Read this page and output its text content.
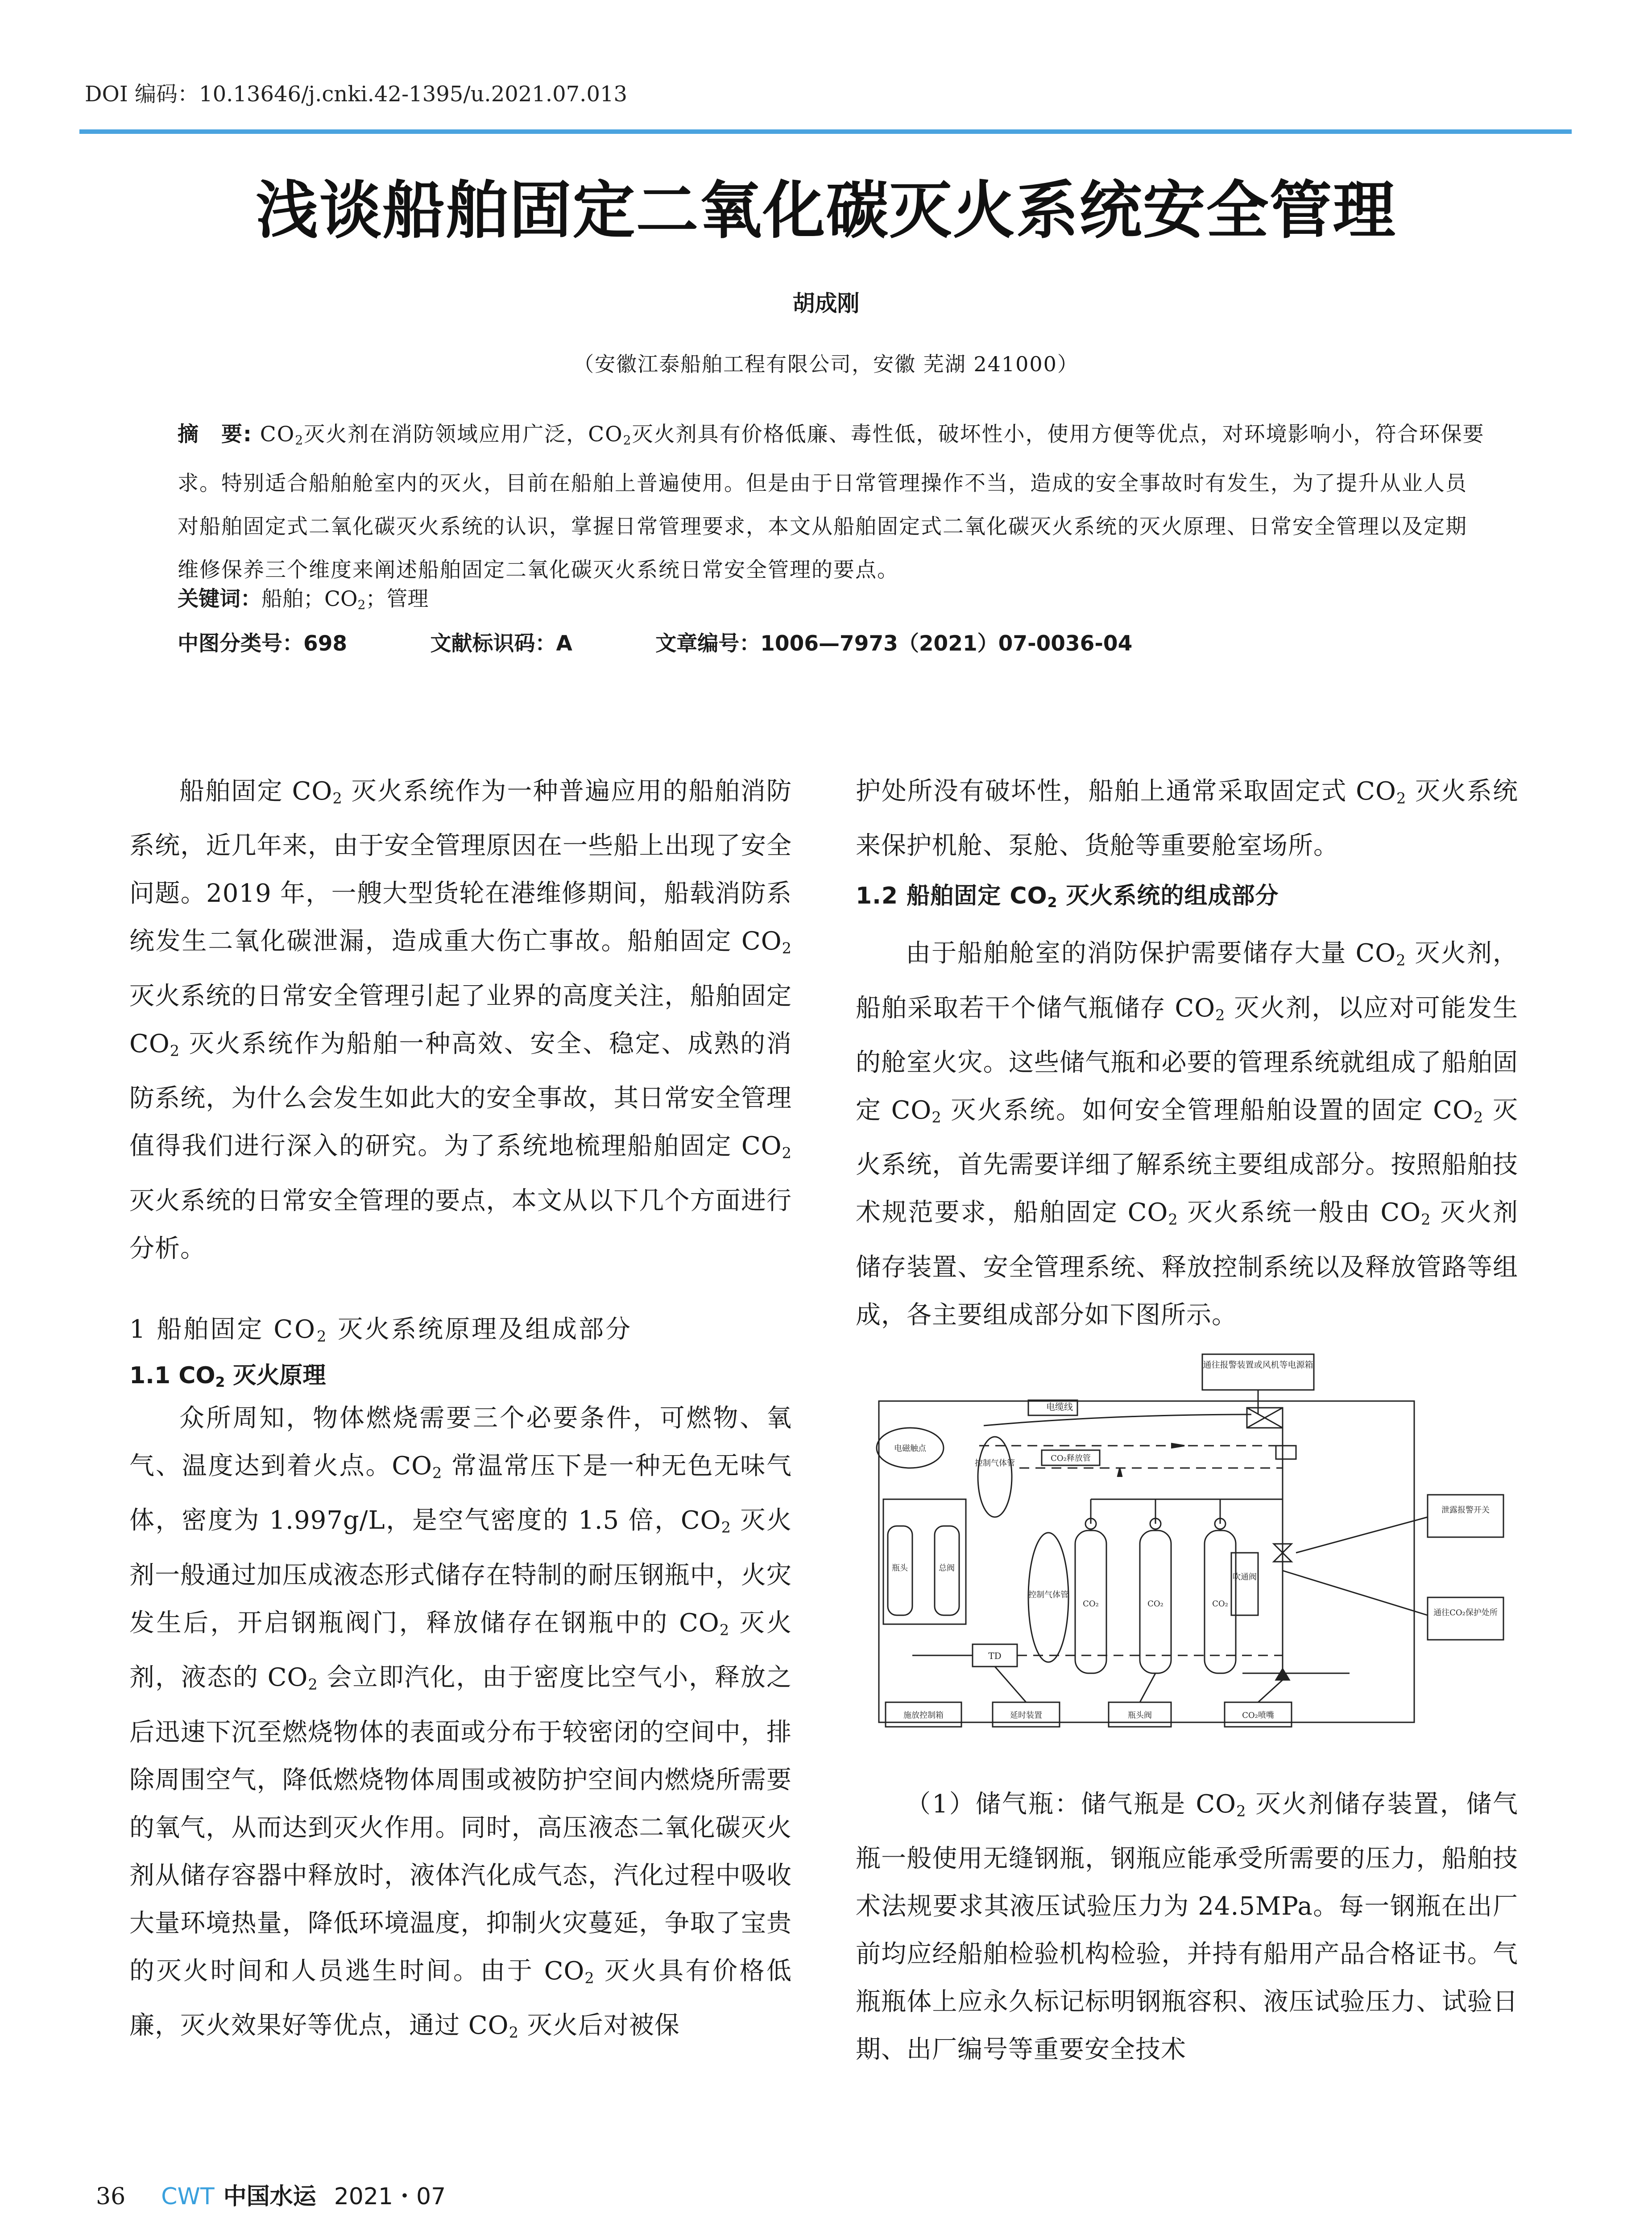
DOI 编码：10.13646/j.cnki.42-1395/u.2021.07.013
浅谈船舶固定二氧化碳灭火系统安全管理
胡成刚
（安徽江泰船舶工程有限公司，安徽 芜湖 241000）
摘　要: $CO_2$灭火剂在消防领域应用广泛，$CO_2$灭火剂具有价格低廉、毒性低，破坏性小，使用方便等优点，对环境影响小，符合环保要求。特别适合船舶舱室内的灭火，目前在船舶上普遍使用。但是由于日常管理操作不当，造成的安全事故时有发生，为了提升从业人员对船舶固定式二氧化碳灭火系统的认识，掌握日常管理要求，本文从船舶固定式二氧化碳灭火系统的灭火原理、日常安全管理以及定期维修保养三个维度来阐述船舶固定二氧化碳灭火系统日常安全管理的要点。
关键词：船舶；$CO_2$；管理
中图分类号：698	文献标识码：A	文章编号：1006—7973（2021）07-0036-04

船舶固定 $CO_2$ 灭火系统作为一种普遍应用的船舶消防系统，近几年来，由于安全管理原因在一些船上出现了安全问题。2019 年，一艘大型货轮在港维修期间，船载消防系统发生二氧化碳泄漏，造成重大伤亡事故。船舶固定 $CO_2$ 灭火系统的日常安全管理引起了业界的高度关注，船舶固定 $CO_2$ 灭火系统作为船舶一种高效、安全、稳定、成熟的消防系统，为什么会发生如此大的安全事故，其日常安全管理值得我们进行深入的研究。为了系统地梳理船舶固定 $CO_2$ 灭火系统的日常安全管理的要点，本文从以下几个方面进行分析。

1 船舶固定 $CO_2$ 灭火系统原理及组成部分
1.1 $CO_2$ 灭火原理

众所周知，物体燃烧需要三个必要条件，可燃物、氧气、温度达到着火点。$CO_2$ 常温常压下是一种无色无味气体，密度为 1.997g/L，是空气密度的 1.5 倍，$CO_2$ 灭火剂一般通过加压成液态形式储存在特制的耐压钢瓶中，火灾发生后，开启钢瓶阀门，释放储存在钢瓶中的 $CO_2$ 灭火剂，液态的 $CO_2$ 会立即汽化，由于密度比空气小，释放之后迅速下沉至燃烧物体的表面或分布于较密闭的空间中，排除周围空气，降低燃烧物体周围或被防护空间内燃烧所需要的氧气，从而达到灭火作用。同时，高压液态二氧化碳灭火剂从储存容器中释放时，液体汽化成气态，汽化过程中吸收大量环境热量，降低环境温度，抑制火灾蔓延，争取了宝贵的灭火时间和人员逃生时间。由于 $CO_2$ 灭火具有价格低廉，灭火效果好等优点，通过 $CO_2$ 灭火后对被保

护处所没有破坏性，船舶上通常采取固定式 $CO_2$ 灭火系统来保护机舱、泵舱、货舱等重要舱室场所。

1.2 船舶固定 $CO_2$ 灭火系统的组成部分

由于船舶舱室的消防保护需要储存大量 $CO_2$ 灭火剂，船舶采取若干个储气瓶储存 $CO_2$ 灭火剂，以应对可能发生的舱室火灾。这些储气瓶和必要的管理系统就组成了船舶固定 $CO_2$ 灭火系统。如何安全管理船舶设置的固定 $CO_2$ 灭火系统，首先需要详细了解系统主要组成部分。按照船舶技术规范要求，船舶固定 $CO_2$ 灭火系统一般由 $CO_2$ 灭火剂储存装置、安全管理系统、释放控制系统以及释放管路等组成，各主要组成部分如下图所示。

通往报警装置或风机等电源箱
电缆线
CO₂释放管
泄露报警开关
通往CO₂保护处所
吹通阀
电磁触点
控制气体管
控制气体管
瓶头	总阀
CO₂	CO₂	CO₂
TD
施放控制箱	延时装置	瓶头阀	CO₂喷嘴

（1）储气瓶：储气瓶是 $CO_2$ 灭火剂储存装置，储气瓶一般使用无缝钢瓶，钢瓶应能承受所需要的压力，船舶技术法规要求其液压试验压力为 24.5MPa。每一钢瓶在出厂前均应经船舶检验机构检验，并持有船用产品合格证书。气瓶瓶体上应永久标记标明钢瓶容积、液压试验压力、试验日期、出厂编号等重要安全技术

36 CWT 中国水运 2021・07
